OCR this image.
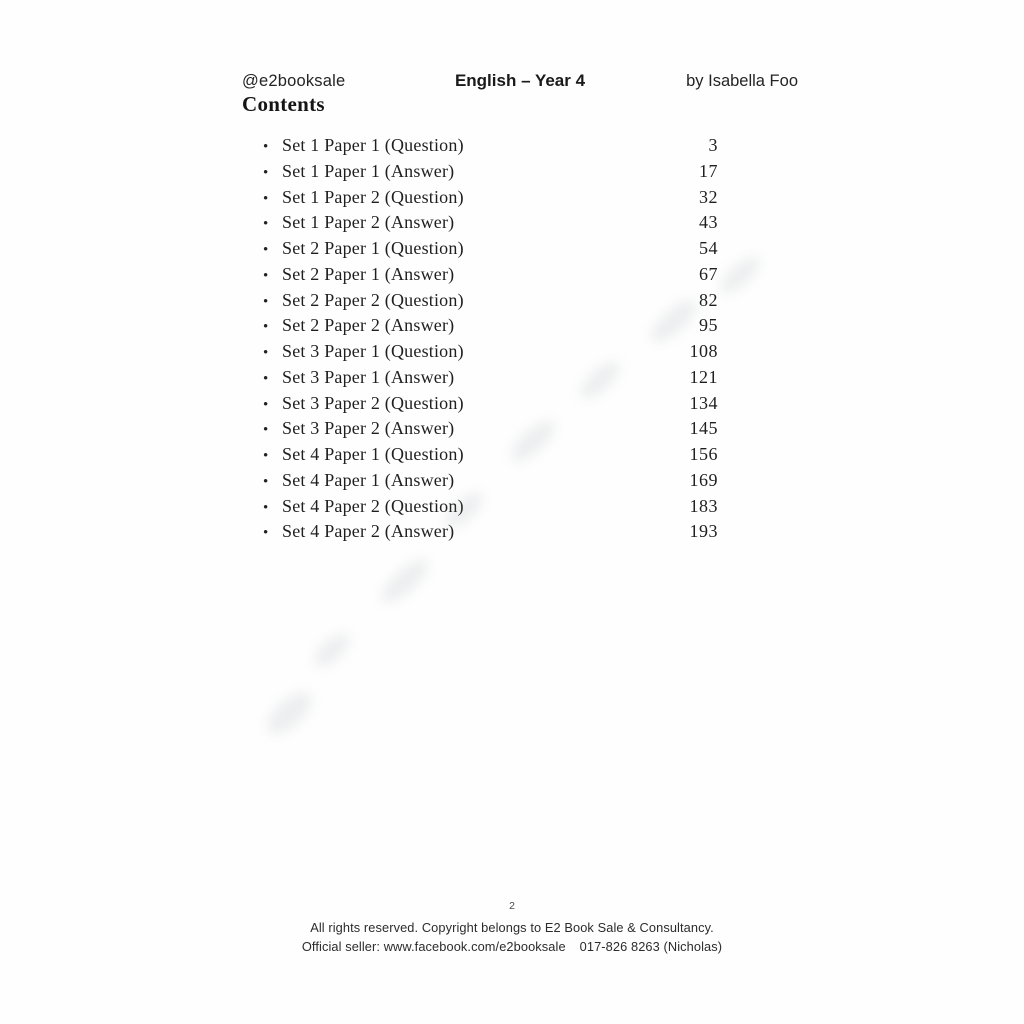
@e2booksale	English – Year 4	by Isabella Foo
Contents
• Set 1 Paper 1 (Question)	3
• Set 1 Paper 1 (Answer)	17
• Set 1 Paper 2 (Question)	32
• Set 1 Paper 2 (Answer)	43
• Set 2 Paper 1 (Question)	54
• Set 2 Paper 1 (Answer)	67
• Set 2 Paper 2 (Question)	82
• Set 2 Paper 2 (Answer)	95
• Set 3 Paper 1 (Question)	108
• Set 3 Paper 1 (Answer)	121
• Set 3 Paper 2 (Question)	134
• Set 3 Paper 2 (Answer)	145
• Set 4 Paper 1 (Question)	156
• Set 4 Paper 1 (Answer)	169
• Set 4 Paper 2 (Question)	183
• Set 4 Paper 2 (Answer)	193
2
All rights reserved. Copyright belongs to E2 Book Sale & Consultancy.
Official seller: www.facebook.com/e2booksale 017-826 8263 (Nicholas)
